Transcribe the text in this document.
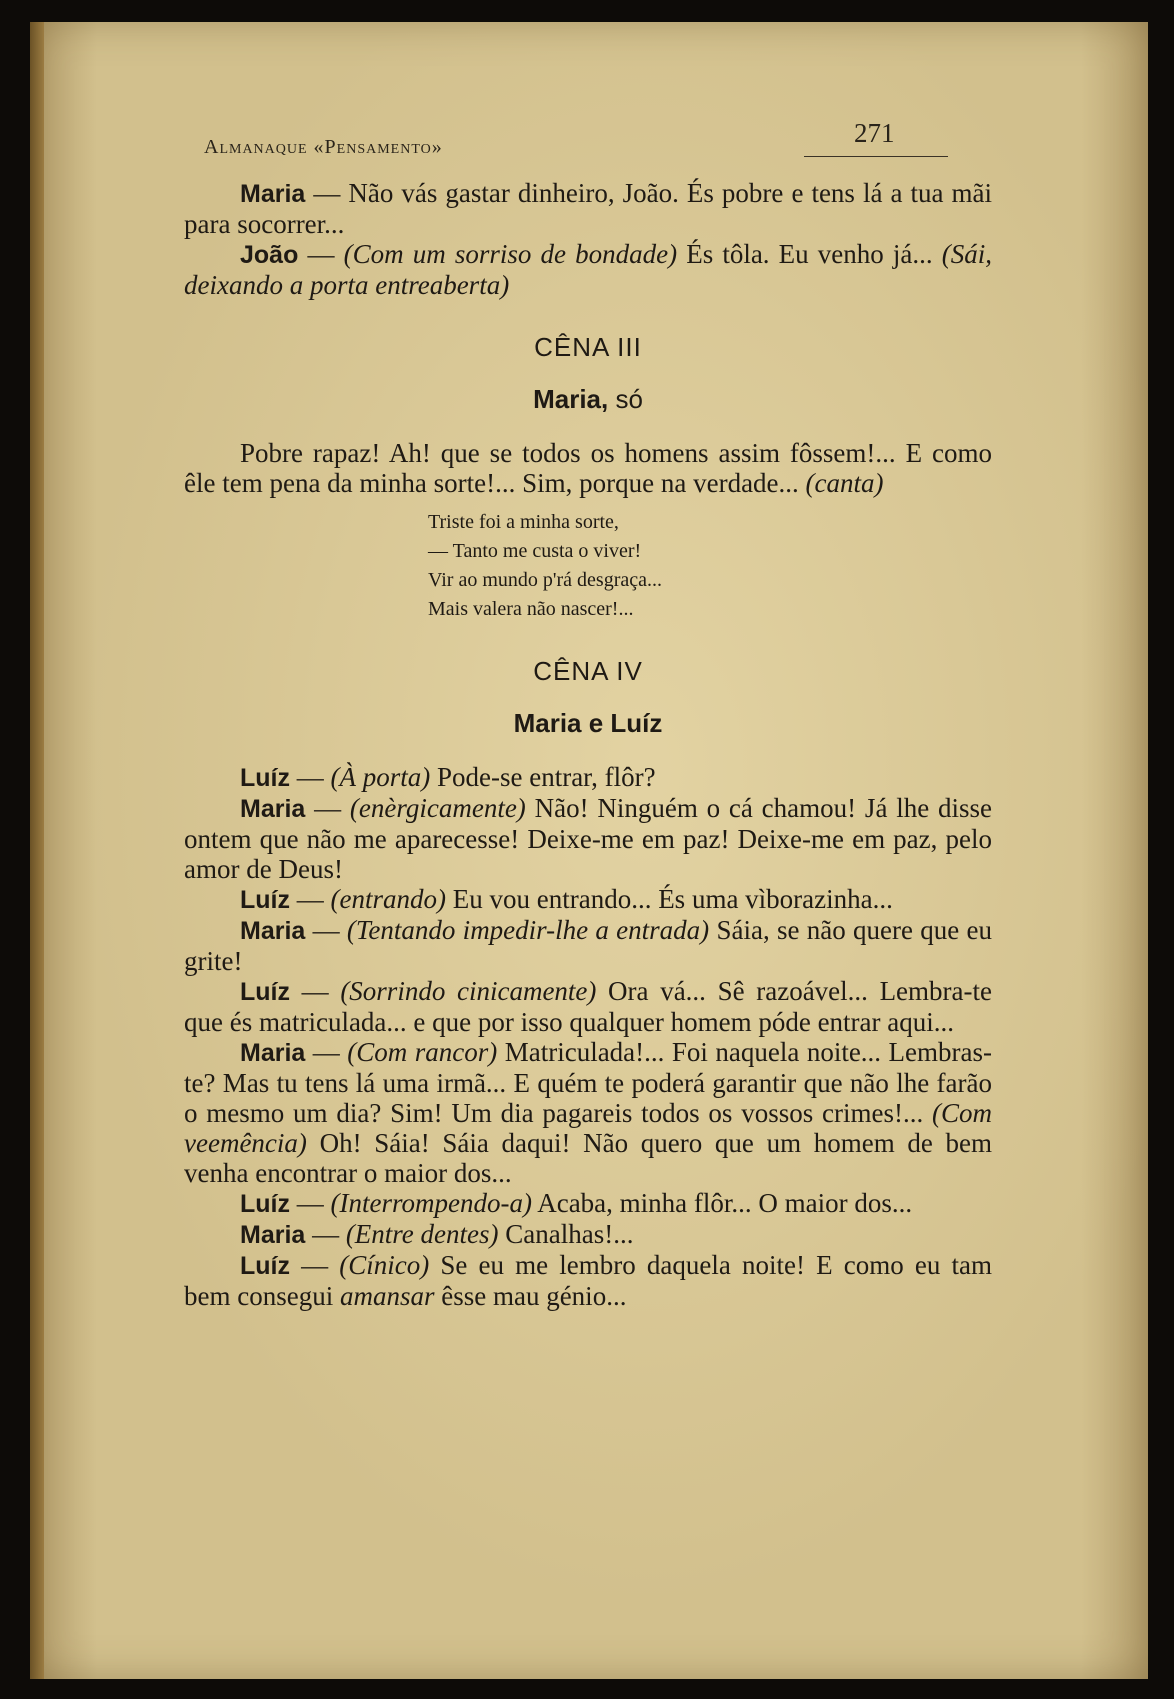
Almanaque «Pensamento»	271

Maria — Não vás gastar dinheiro, João. És pobre e tens lá a tua mãi para socorrer...

João — (Com um sorriso de bondade) És tôla. Eu venho já... (Sái, deixando a porta entreaberta)

CÊNA III
Maria, só

Pobre rapaz! Ah! que se todos os homens assim fôssem!... E como êle tem pena da minha sorte!... Sim, porque na verdade... (canta)

Triste foi a minha sorte,
— Tanto me custa o viver!
Vir ao mundo p'rá desgraça...
Mais valera não nascer!...
CÊNA IV
Maria e Luíz

Luíz — (À porta) Pode-se entrar, flôr?

Maria — (enèrgicamente) Não! Ninguém o cá chamou! Já lhe disse ontem que não me aparecesse! Deixe-me em paz! Deixe-me em paz, pelo amor de Deus!

Luíz — (entrando) Eu vou entrando... És uma vìborazinha...

Maria — (Tentando impedir-lhe a entrada) Sáia, se não quere que eu grite!

Luíz — (Sorrindo cinicamente) Ora vá... Sê razoável... Lembra-te que és matriculada... e que por isso qualquer homem póde entrar aqui...

Maria — (Com rancor) Matriculada!... Foi naquela noite... Lembras-te? Mas tu tens lá uma irmã... E quém te poderá garantir que não lhe farão o mesmo um dia? Sim! Um dia pagareis todos os vossos crimes!... (Com veemência) Oh! Sáia! Sáia daqui! Não quero que um homem de bem venha encontrar o maior dos...

Luíz — (Interrompendo-a) Acaba, minha flôr... O maior dos...

Maria — (Entre dentes) Canalhas!...

Luíz — (Cínico) Se eu me lembro daquela noite! E como eu tam bem consegui amansar êsse mau génio...
